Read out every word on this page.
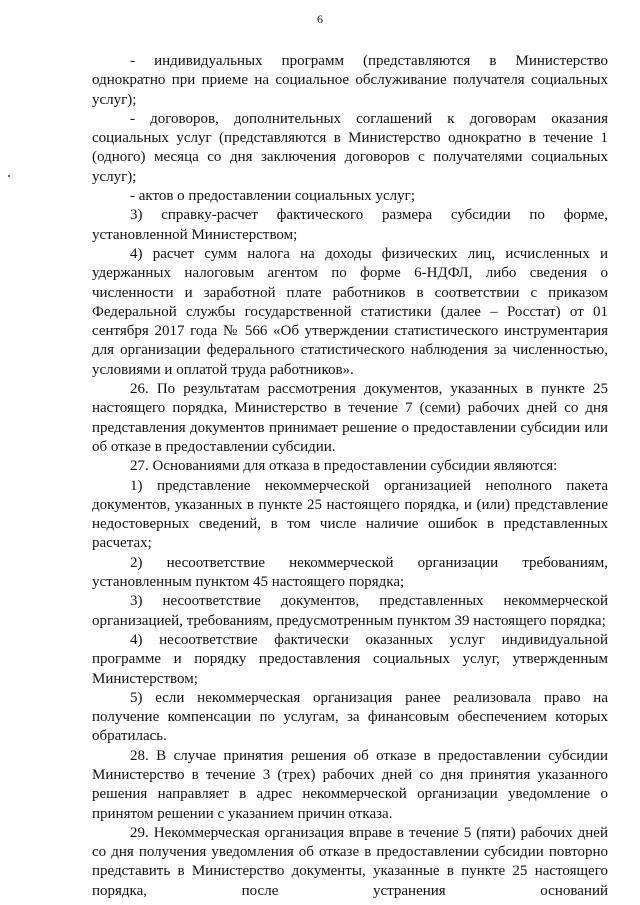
6

- индивидуальных программ (представляются в Министерство однократно при приеме на социальное обслуживание получателя социальных услуг);

- договоров, дополнительных соглашений к договорам оказания социальных услуг (представляются в Министерство однократно в течение 1 (одного) месяца со дня заключения договоров с получателями социальных услуг);

- актов о предоставлении социальных услуг;

3) справку-расчет фактического размера субсидии по форме, установленной Министерством;

4) расчет сумм налога на доходы физических лиц, исчисленных и удержанных налоговым агентом по форме 6-НДФЛ, либо сведения о численности и заработной плате работников в соответствии с приказом Федеральной службы государственной статистики (далее – Росстат) от 01 сентября 2017 года № 566 «Об утверждении статистического инструментария для организации федерального статистического наблюдения за численностью, условиями и оплатой труда работников».

26. По результатам рассмотрения документов, указанных в пункте 25 настоящего порядка, Министерство в течение 7 (семи) рабочих дней со дня представления документов принимает решение о предоставлении субсидии или об отказе в предоставлении субсидии.

27. Основаниями для отказа в предоставлении субсидии являются:

1) представление некоммерческой организацией неполного пакета документов, указанных в пункте 25 настоящего порядка, и (или) представление недостоверных сведений, в том числе наличие ошибок в представленных расчетах;

2) несоответствие некоммерческой организации требованиям, установленным пунктом 45 настоящего порядка;

3) несоответствие документов, представленных некоммерческой организацией, требованиям, предусмотренным пунктом 39 настоящего порядка;

4) несоответствие фактически оказанных услуг индивидуальной программе и порядку предоставления социальных услуг, утвержденным Министерством;

5) если некоммерческая организация ранее реализовала право на получение компенсации по услугам, за финансовым обеспечением которых обратилась.

28. В случае принятия решения об отказе в предоставлении субсидии Министерство в течение 3 (трех) рабочих дней со дня принятия указанного решения направляет в адрес некоммерческой организации уведомление о принятом решении с указанием причин отказа.

29. Некоммерческая организация вправе в течение 5 (пяти) рабочих дней со дня получения уведомления об отказе в предоставлении субсидии повторно представить в Министерство документы, указанные в пункте 25 настоящего порядка, после устранения оснований
